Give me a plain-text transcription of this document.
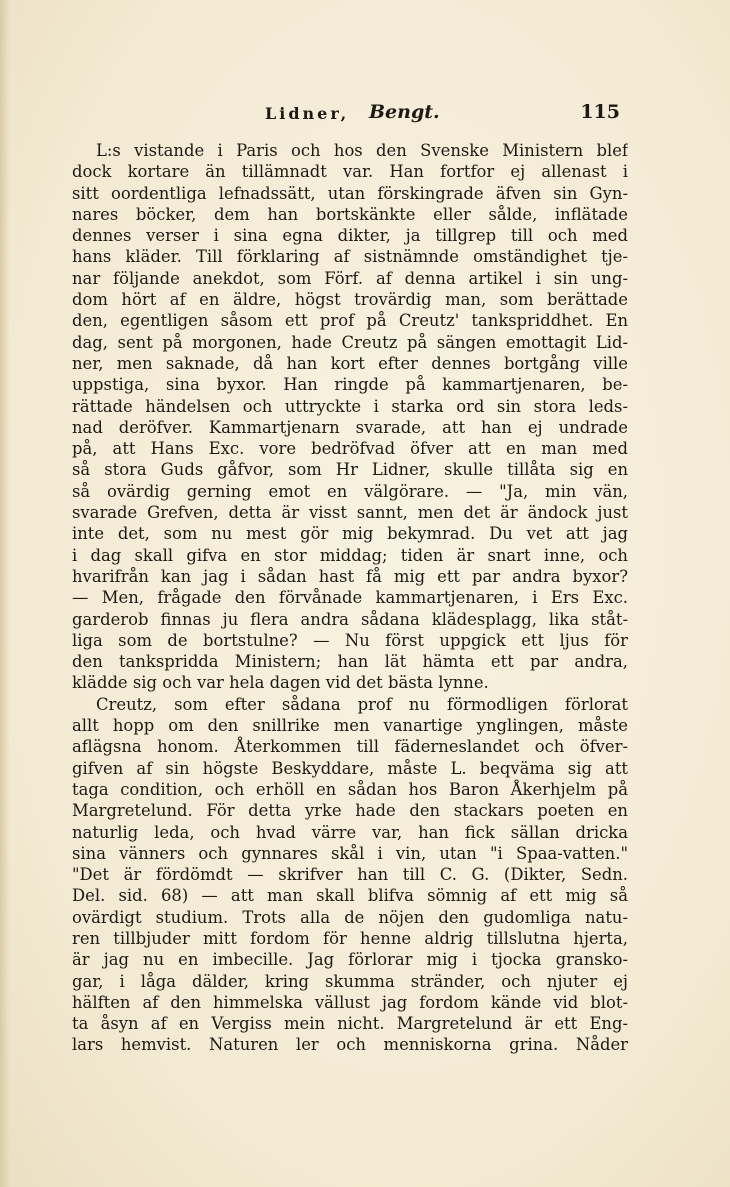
Lidner, Bengt.	115
L:s vistande i Paris och hos den Svenske Ministern blef
dock kortare än tillämnadt var. Han fortfor ej allenast i
sitt oordentliga lefnadssätt, utan förskingrade äfven sin Gyn-
nares böcker, dem han bortskänkte eller sålde, inflätade
dennes verser i sina egna dikter, ja tillgrep till och med
hans kläder. Till förklaring af sistnämnde omständighet tje-
nar följande anekdot, som Förf. af denna artikel i sin ung-
dom hört af en äldre, högst trovärdig man, som berättade
den, egentligen såsom ett prof på Creutz' tankspriddhet. En
dag, sent på morgonen, hade Creutz på sängen emottagit Lid-
ner, men saknade, då han kort efter dennes bortgång ville
uppstiga, sina byxor. Han ringde på kammartjenaren, be-
rättade händelsen och uttryckte i starka ord sin stora leds-
nad deröfver. Kammartjenarn svarade, att han ej undrade
på, att Hans Exc. vore bedröfvad öfver att en man med
så stora Guds gåfvor, som Hr Lidner, skulle tillåta sig en
så ovärdig gerning emot en välgörare. — "Ja, min vän,
svarade Grefven, detta är visst sannt, men det är ändock just
inte det, som nu mest gör mig bekymrad. Du vet att jag
i dag skall gifva en stor middag; tiden är snart inne, och
hvarifrån kan jag i sådan hast få mig ett par andra byxor?
— Men, frågade den förvånade kammartjenaren, i Ers Exc.
garderob finnas ju flera andra sådana klädesplagg, lika ståt-
liga som de bortstulne? — Nu först uppgick ett ljus för
den tankspridda Ministern; han lät hämta ett par andra,
klädde sig och var hela dagen vid det bästa lynne.
Creutz, som efter sådana prof nu förmodligen förlorat
allt hopp om den snillrike men vanartige ynglingen, måste
aflägsna honom. Återkommen till fäderneslandet och öfver-
gifven af sin högste Beskyddare, måste L. beqväma sig att
taga condition, och erhöll en sådan hos Baron Åkerhjelm på
Margretelund. För detta yrke hade den stackars poeten en
naturlig leda, och hvad värre var, han fick sällan dricka
sina vänners och gynnares skål i vin, utan "i Spaa-vatten."
"Det är fördömdt — skrifver han till C. G. (Dikter, Sedn.
Del. sid. 68) — att man skall blifva sömnig af ett mig så
ovärdigt studium. Trots alla de nöjen den gudomliga natu-
ren tillbjuder mitt fordom för henne aldrig tillslutna hjerta,
är jag nu en imbecille. Jag förlorar mig i tjocka gransko-
gar, i låga dälder, kring skumma stränder, och njuter ej
hälften af den himmelska vällust jag fordom kände vid blot-
ta åsyn af en Vergiss mein nicht. Margretelund är ett Eng-
lars hemvist. Naturen ler och menniskorna grina. Nåder
